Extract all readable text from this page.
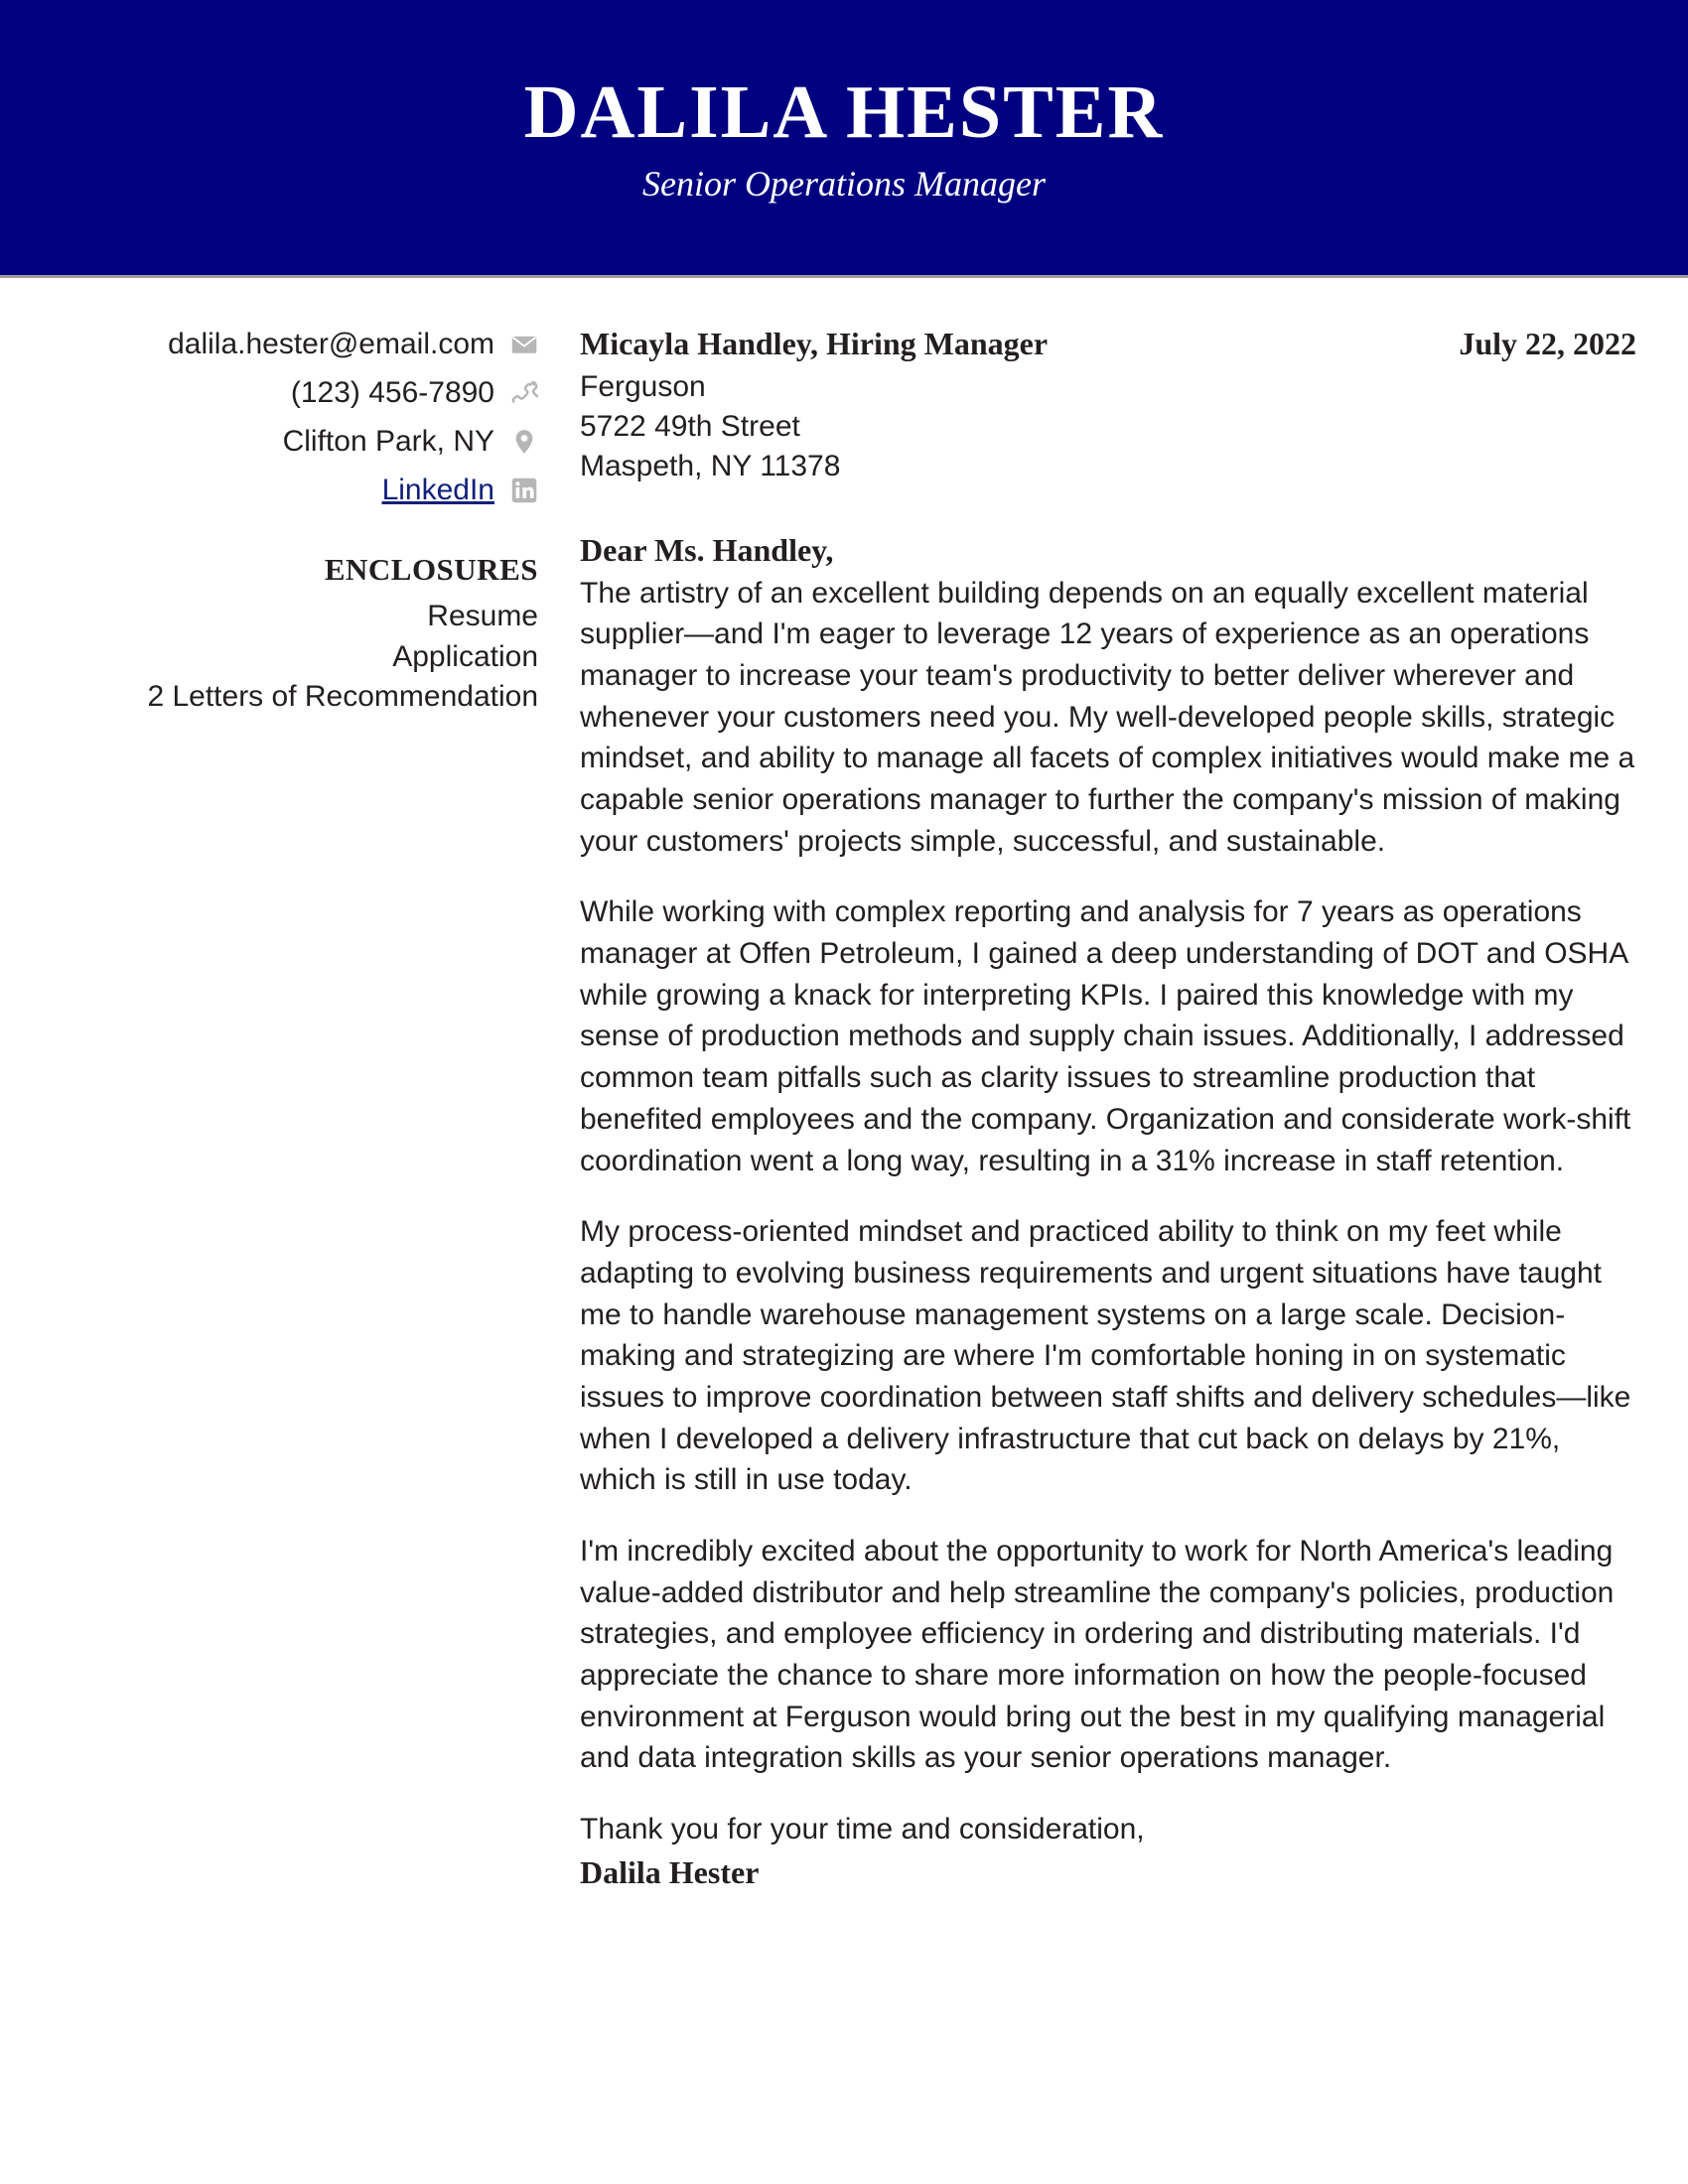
DALILA HESTER
Senior Operations Manager
dalila.hester@email.com
(123) 456-7890
Clifton Park, NY
LinkedIn
ENCLOSURES
Resume
Application
2 Letters of Recommendation
Micayla Handley, Hiring Manager
Ferguson
5722 49th Street
Maspeth, NY 11378
July 22, 2022
Dear Ms. Handley,

The artistry of an excellent building depends on an equally excellent material supplier—and I'm eager to leverage 12 years of experience as an operations manager to increase your team's productivity to better deliver wherever and whenever your customers need you. My well-developed people skills, strategic mindset, and ability to manage all facets of complex initiatives would make me a capable senior operations manager to further the company's mission of making your customers' projects simple, successful, and sustainable.

While working with complex reporting and analysis for 7 years as operations manager at Offen Petroleum, I gained a deep understanding of DOT and OSHA while growing a knack for interpreting KPIs. I paired this knowledge with my sense of production methods and supply chain issues. Additionally, I addressed common team pitfalls such as clarity issues to streamline production that benefited employees and the company. Organization and considerate work-shift coordination went a long way, resulting in a 31% increase in staff retention.

My process-oriented mindset and practiced ability to think on my feet while adapting to evolving business requirements and urgent situations have taught me to handle warehouse management systems on a large scale. Decision-making and strategizing are where I'm comfortable honing in on systematic issues to improve coordination between staff shifts and delivery schedules—like when I developed a delivery infrastructure that cut back on delays by 21%, which is still in use today.

I'm incredibly excited about the opportunity to work for North America's leading value-added distributor and help streamline the company's policies, production strategies, and employee efficiency in ordering and distributing materials. I'd appreciate the chance to share more information on how the people-focused environment at Ferguson would bring out the best in my qualifying managerial and data integration skills as your senior operations manager.

Thank you for your time and consideration,
Dalila Hester
